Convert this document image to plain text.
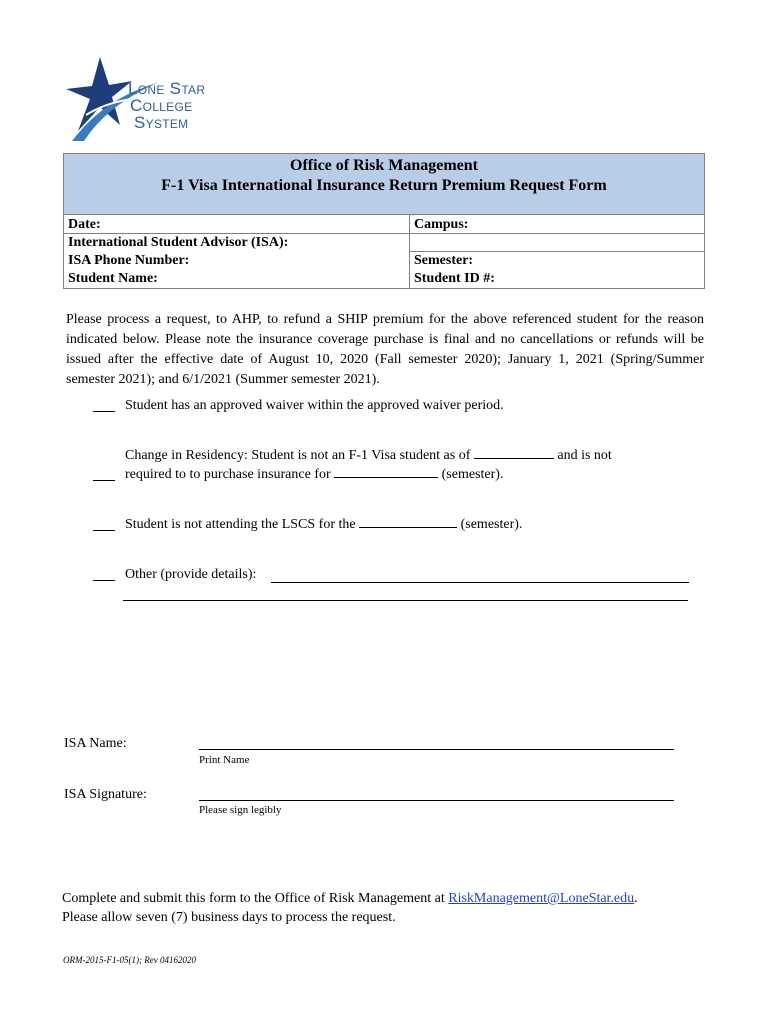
Lone Star
College
System
Office of Risk Management
F-1 Visa International Insurance Return Premium Request Form
Date:	Campus:
International Student Advisor (ISA):
ISA Phone Number:	Semester:
Student Name:	Student ID #:
Please process a request, to AHP, to refund a SHIP premium for the above referenced student for the reason indicated below. Please note the insurance coverage purchase is final and no cancellations or refunds will be issued after the effective date of August 10, 2020 (Fall semester 2020); January 1, 2021 (Spring/Summer semester 2021); and 6/1/2021 (Summer semester 2021).
Student has an approved waiver within the approved waiver period.
Change in Residency: Student is not an F-1 Visa student as of	and is not
required to to purchase insurance for	(semester).
Student is not attending the LSCS for the	(semester).
Other (provide details):
ISA Name:
Print Name
ISA Signature:
Please sign legibly
Complete and submit this form to the Office of Risk Management at RiskManagement@LoneStar.edu.
Please allow seven (7) business days to process the request.
ORM-2015-F1-05(1); Rev 04162020
